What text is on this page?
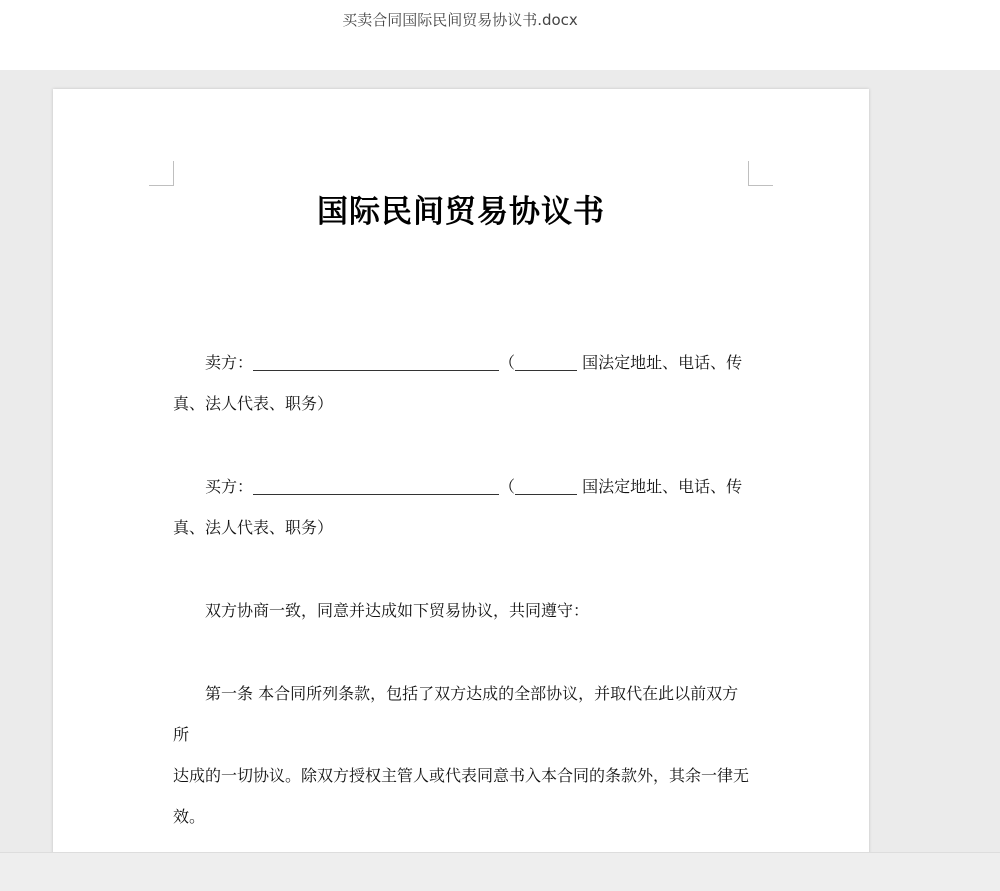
买卖合同国际民间贸易协议书.docx
国际民间贸易协议书
卖方：	（	国法定地址、电话、传
真、法人代表、职务）
买方：	（	国法定地址、电话、传
真、法人代表、职务）
双方协商一致，同意并达成如下贸易协议，共同遵守：
第一条 本合同所列条款，包括了双方达成的全部协议，并取代在此以前双方所
达成的一切协议。除双方授权主管人或代表同意书入本合同的条款外，其余一律无
效。
